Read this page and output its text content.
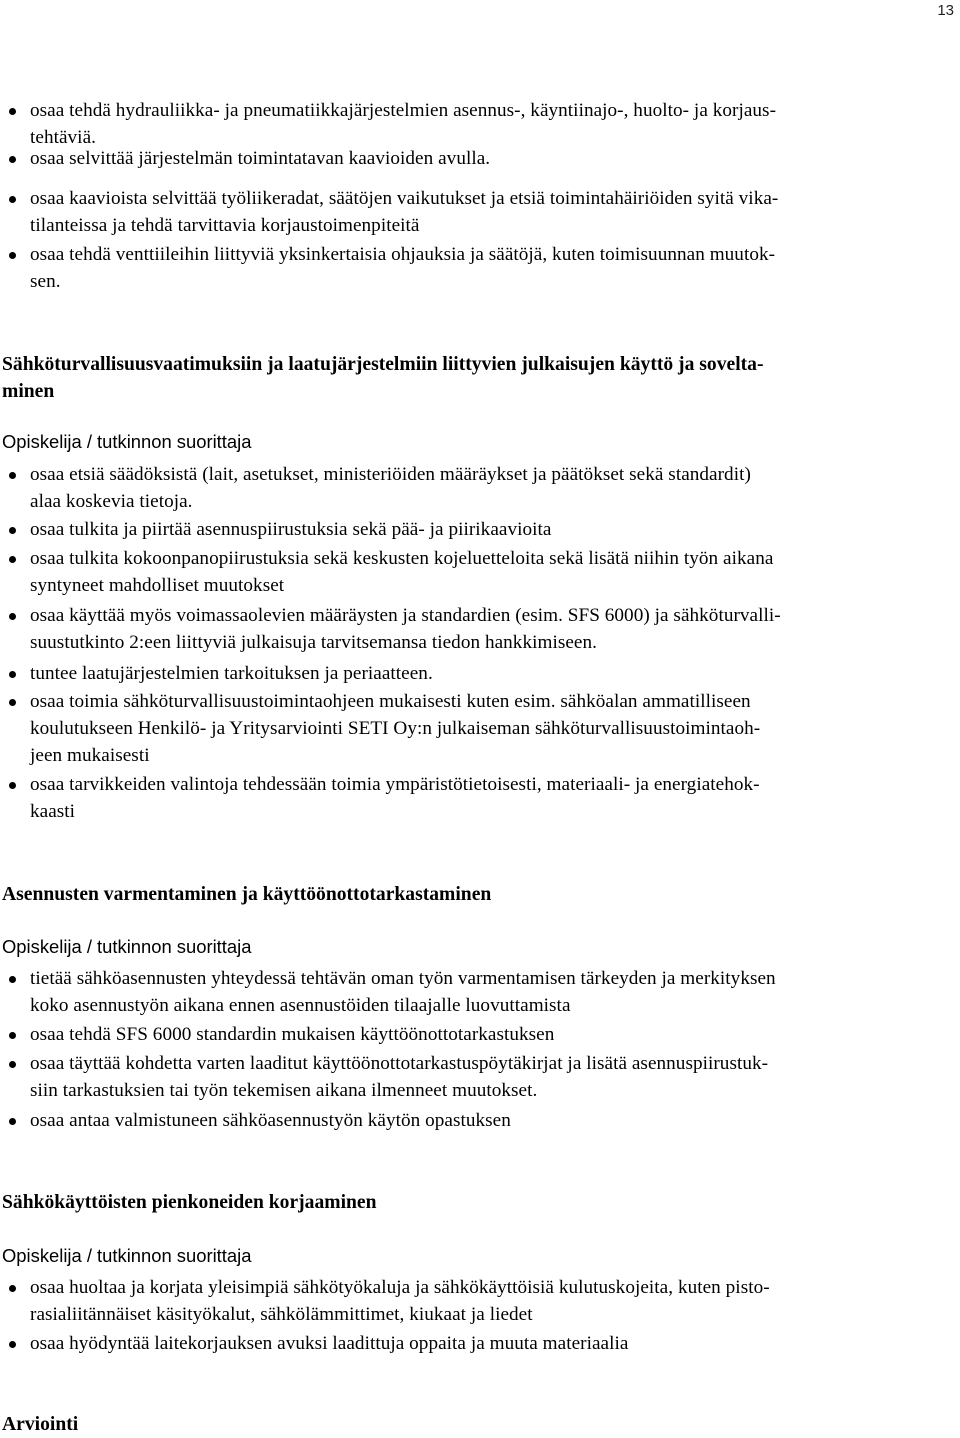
13
osaa tehdä hydrauliikka- ja pneumatiikkajärjestelmien asennus-, käyntiinajo-, huolto- ja korjaus-
tehtäviä.
osaa selvittää järjestelmän toimintatavan kaavioiden avulla.
osaa kaavioista selvittää työliikeradat, säätöjen vaikutukset ja etsiä toimintahäiriöiden syitä vika-
tilanteissa ja tehdä tarvittavia korjaustoimenpiteitä
osaa tehdä venttiileihin liittyviä yksinkertaisia ohjauksia ja säätöjä, kuten toimisuunnan muutok-
sen.
Sähköturvallisuusvaatimuksiin ja laatujärjestelmiin liittyvien julkaisujen käyttö ja sovelta-
minen
Opiskelija / tutkinnon suorittaja
osaa etsiä säädöksistä (lait, asetukset, ministeriöiden määräykset ja päätökset sekä standardit)
alaa koskevia tietoja.
osaa tulkita ja piirtää asennuspiirustuksia sekä pää- ja piirikaavioita
osaa tulkita kokoonpanopiirustuksia sekä keskusten kojeluetteloita sekä lisätä niihin työn aikana
syntyneet mahdolliset muutokset
osaa käyttää myös voimassaolevien määräysten ja standardien (esim. SFS 6000) ja sähköturvalli-
suustutkinto 2:een liittyviä julkaisuja tarvitsemansa tiedon hankkimiseen.
tuntee laatujärjestelmien tarkoituksen ja periaatteen.
osaa toimia sähköturvallisuustoimintaohjeen mukaisesti kuten esim. sähköalan ammatilliseen
koulutukseen Henkilö- ja Yritysarviointi SETI Oy:n julkaiseman sähköturvallisuustoimintaoh-
jeen mukaisesti
osaa tarvikkeiden valintoja tehdessään toimia ympäristötietoisesti, materiaali- ja energiatehok-
kaasti
Asennusten varmentaminen ja käyttöönottotarkastaminen
Opiskelija / tutkinnon suorittaja
tietää sähköasennusten yhteydessä tehtävän oman työn varmentamisen tärkeyden ja merkityksen
koko asennustyön aikana ennen asennustöiden tilaajalle luovuttamista
osaa tehdä SFS 6000 standardin mukaisen käyttöönottotarkastuksen
osaa täyttää kohdetta varten laaditut käyttöönottotarkastuspöytäkirjat ja lisätä asennuspiirustuk-
siin tarkastuksien tai työn tekemisen aikana ilmenneet muutokset.
osaa antaa valmistuneen sähköasennustyön käytön opastuksen
Sähkökäyttöisten pienkoneiden korjaaminen
Opiskelija / tutkinnon suorittaja
osaa huoltaa ja korjata yleisimpiä sähkötyökaluja ja sähkökäyttöisiä kulutuskojeita, kuten pisto-
rasialiitännäiset käsityökalut, sähkölämmittimet, kiukaat ja liedet
osaa hyödyntää laitekorjauksen avuksi laadittuja oppaita ja muuta materiaalia
Arviointi
